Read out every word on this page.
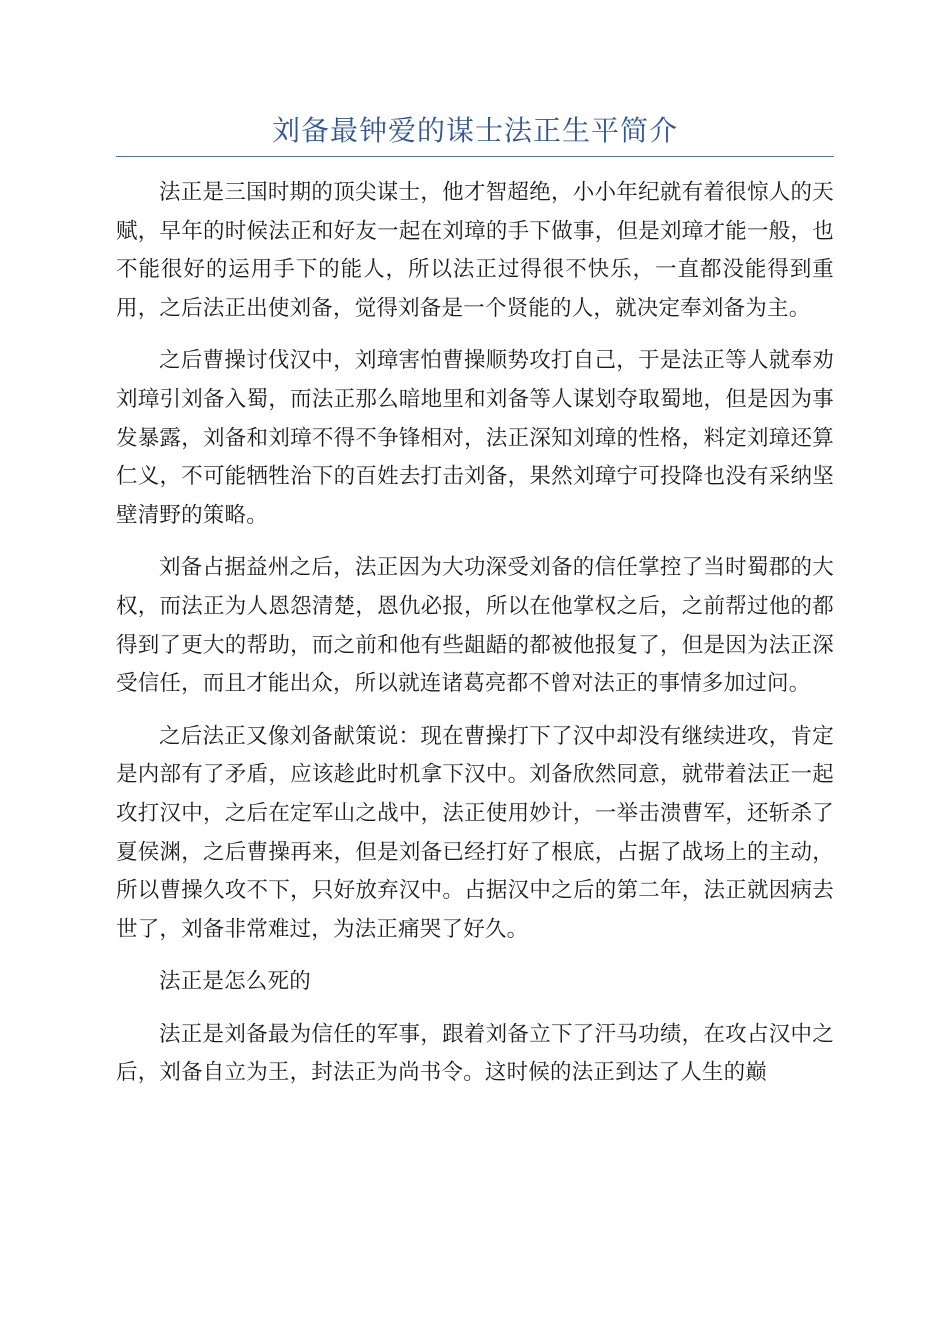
刘备最钟爱的谋士法正生平简介

法正是三国时期的顶尖谋士，他才智超绝，小小年纪就有着很惊人的天赋，早年的时候法正和好友一起在刘璋的手下做事，但是刘璋才能一般，也不能很好的运用手下的能人，所以法正过得很不快乐，一直都没能得到重用，之后法正出使刘备，觉得刘备是一个贤能的人，就决定奉刘备为主。

之后曹操讨伐汉中，刘璋害怕曹操顺势攻打自己，于是法正等人就奉劝刘璋引刘备入蜀，而法正那么暗地里和刘备等人谋划夺取蜀地，但是因为事发暴露，刘备和刘璋不得不争锋相对，法正深知刘璋的性格，料定刘璋还算仁义，不可能牺牲治下的百姓去打击刘备，果然刘璋宁可投降也没有采纳坚壁清野的策略。

刘备占据益州之后，法正因为大功深受刘备的信任掌控了当时蜀郡的大权，而法正为人恩怨清楚，恩仇必报，所以在他掌权之后，之前帮过他的都得到了更大的帮助，而之前和他有些龃龉的都被他报复了，但是因为法正深受信任，而且才能出众，所以就连诸葛亮都不曾对法正的事情多加过问。

之后法正又像刘备献策说：现在曹操打下了汉中却没有继续进攻，肯定是内部有了矛盾，应该趁此时机拿下汉中。刘备欣然同意，就带着法正一起攻打汉中，之后在定军山之战中，法正使用妙计，一举击溃曹军，还斩杀了夏侯渊，之后曹操再来，但是刘备已经打好了根底，占据了战场上的主动，所以曹操久攻不下，只好放弃汉中。占据汉中之后的第二年，法正就因病去世了，刘备非常难过，为法正痛哭了好久。

法正是怎么死的

法正是刘备最为信任的军事，跟着刘备立下了汗马功绩，在攻占汉中之后，刘备自立为王，封法正为尚书令。这时候的法正到达了人生的巅
